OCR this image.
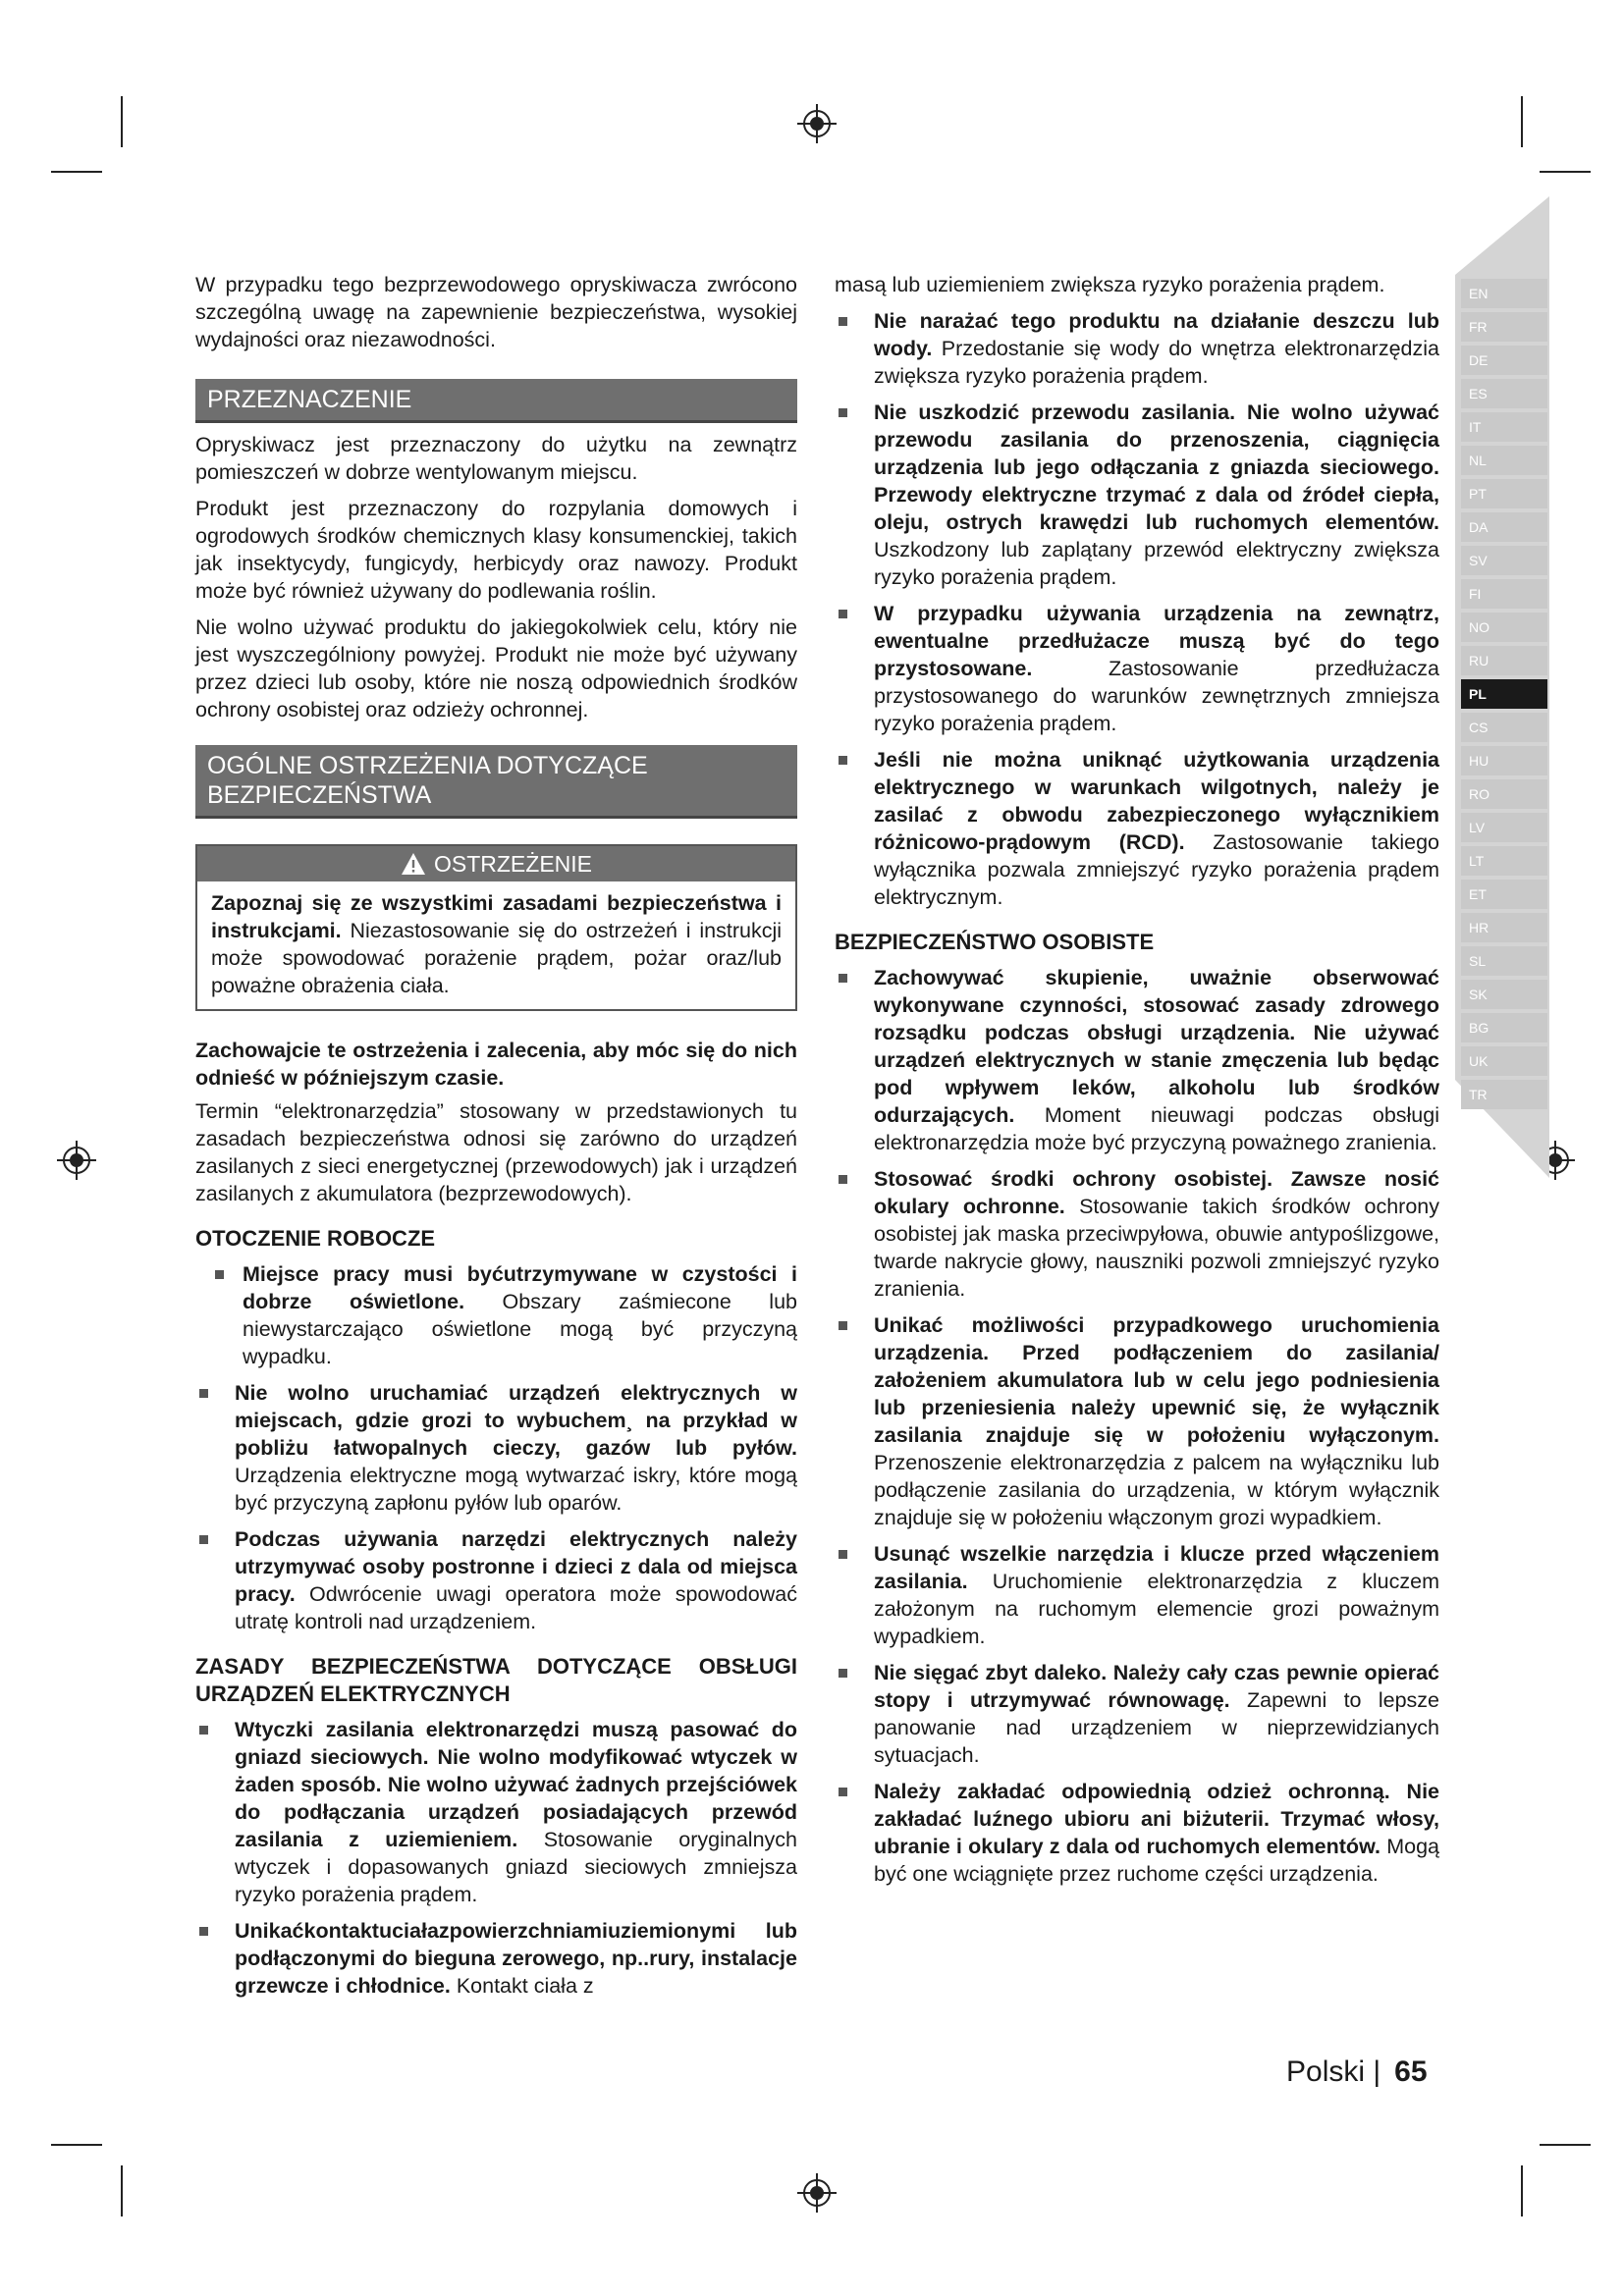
EN
FR
DE
ES
IT
NL
PT
DA
SV
FI
NO
RU
PL
CS
HU
RO
LV
LT
ET
HR
SL
SK
BG
UK
TR

W przypadku tego bezprzewodowego opryskiwacza zwrócono szczególną uwagę na zapewnienie bezpieczeństwa, wysokiej wydajności oraz niezawodności.

PRZEZNACZENIE

Opryskiwacz jest przeznaczony do użytku na zewnątrz pomieszczeń w dobrze wentylowanym miejscu.

Produkt jest przeznaczony do rozpylania domowych i ogrodowych środków chemicznych klasy konsumenckiej, takich jak insektycydy, fungicydy, herbicydy oraz nawozy. Produkt może być również używany do podlewania roślin.

Nie wolno używać produktu do jakiegokolwiek celu, który nie jest wyszczególniony powyżej. Produkt nie może być używany przez dzieci lub osoby, które nie noszą odpowiednich środków ochrony osobistej oraz odzieży ochronnej.

OGÓLNE OSTRZEŻENIA DOTYCZĄCE
BEZPIECZEŃSTWA
OSTRZEŻENIE

Zapoznaj się ze wszystkimi zasadami bezpieczeństwa i instrukcjami. Niezastosowanie się do ostrzeżeń i instrukcji może spowodować porażenie prądem, pożar oraz/lub poważne obrażenia ciała.

Zachowajcie te ostrzeżenia i zalecenia, aby móc się do nich odnieść w późniejszym czasie.

Termin “elektronarzędzia” stosowany w przedstawionych tu zasadach bezpieczeństwa odnosi się zarówno do urządzeń zasilanych z sieci energetycznej (przewodowych) jak i urządzeń zasilanych z akumulatora (bezprzewodowych).

OTOCZENIE ROBOCZE
Miejsce pracy musi byćutrzymywane w czystości i dobrze oświetlone. Obszary zaśmiecone lub niewystarczająco oświetlone mogą być przyczyną wypadku.
Nie wolno uruchamiać urządzeń elektrycznych w miejscach, gdzie grozi to wybuchem¸ na przykład w pobliżu łatwopalnych cieczy, gazów lub pyłów. Urządzenia elektryczne mogą wytwarzać iskry, które mogą być przyczyną zapłonu pyłów lub oparów.
Podczas używania narzędzi elektrycznych należy utrzymywać osoby postronne i dzieci z dala od miejsca pracy. Odwrócenie uwagi operatora może spowodować utratę kontroli nad urządzeniem.
ZASADY BEZPIECZEŃSTWA DOTYCZĄCE OBSŁUGI URZĄDZEŃ ELEKTRYCZNYCH
Wtyczki zasilania elektronarzędzi muszą pasować do gniazd sieciowych. Nie wolno modyfikować wtyczek w żaden sposób. Nie wolno używać żadnych przejściówek do podłączania urządzeń posiadających przewód zasilania z uziemieniem. Stosowanie oryginalnych wtyczek i dopasowanych gniazd sieciowych zmniejsza ryzyko porażenia prądem.
Unikaćkontaktuciałazpowierzchniamiuziemionymi lub podłączonymi do bieguna zerowego, np..rury, instalacje grzewcze i chłodnice. Kontakt ciała z

masą lub uziemieniem zwiększa ryzyko porażenia prądem.

Nie narażać tego produktu na działanie deszczu lub wody. Przedostanie się wody do wnętrza elektronarzędzia zwiększa ryzyko porażenia prądem.
Nie uszkodzić przewodu zasilania. Nie wolno używać przewodu zasilania do przenoszenia, ciągnięcia urządzenia lub jego odłączania z gniazda sieciowego. Przewody elektryczne trzymać z dala od źródeł ciepła, oleju, ostrych krawędzi lub ruchomych elementów. Uszkodzony lub zaplątany przewód elektryczny zwiększa ryzyko porażenia prądem.
W przypadku używania urządzenia na zewnątrz, ewentualne przedłużacze muszą być do tego przystosowane. Zastosowanie przedłużacza przystosowanego do warunków zewnętrznych zmniejsza ryzyko porażenia prądem.
Jeśli nie można uniknąć użytkowania urządzenia elektrycznego w warunkach wilgotnych, należy je zasilać z obwodu zabezpieczonego wyłącznikiem różnicowo-prądowym (RCD). Zastosowanie takiego wyłącznika pozwala zmniejszyć ryzyko porażenia prądem elektrycznym.
BEZPIECZEŃSTWO OSOBISTE
Zachowywać skupienie, uważnie obserwować wykonywane czynności, stosować zasady zdrowego rozsądku podczas obsługi urządzenia. Nie używać urządzeń elektrycznych w stanie zmęczenia lub będąc pod wpływem leków, alkoholu lub środków odurzających. Moment nieuwagi podczas obsługi elektronarzędzia może być przyczyną poważnego zranienia.
Stosować środki ochrony osobistej. Zawsze nosić okulary ochronne. Stosowanie takich środków ochrony osobistej jak maska przeciwpyłowa, obuwie antypoślizgowe, twarde nakrycie głowy, nauszniki pozwoli zmniejszyć ryzyko zranienia.
Unikać możliwości przypadkowego uruchomienia urządzenia. Przed podłączeniem do zasilania/ założeniem akumulatora lub w celu jego podniesienia lub przeniesienia należy upewnić się, że wyłącznik zasilania znajduje się w położeniu wyłączonym. Przenoszenie elektronarzędzia z palcem na wyłączniku lub podłączenie zasilania do urządzenia, w którym wyłącznik znajduje się w położeniu włączonym grozi wypadkiem.
Usunąć wszelkie narzędzia i klucze przed włączeniem zasilania. Uruchomienie elektronarzędzia z kluczem założonym na ruchomym elemencie grozi poważnym wypadkiem.
Nie sięgać zbyt daleko. Należy cały czas pewnie opierać stopy i utrzymywać równowagę. Zapewni to lepsze panowanie nad urządzeniem w nieprzewidzianych sytuacjach.
Należy zakładać odpowiednią odzież ochronną. Nie zakładać luźnego ubioru ani biżuterii. Trzymać włosy, ubranie i okulary z dala od ruchomych elementów. Mogą być one wciągnięte przez ruchome części urządzenia.
Polski | 65
